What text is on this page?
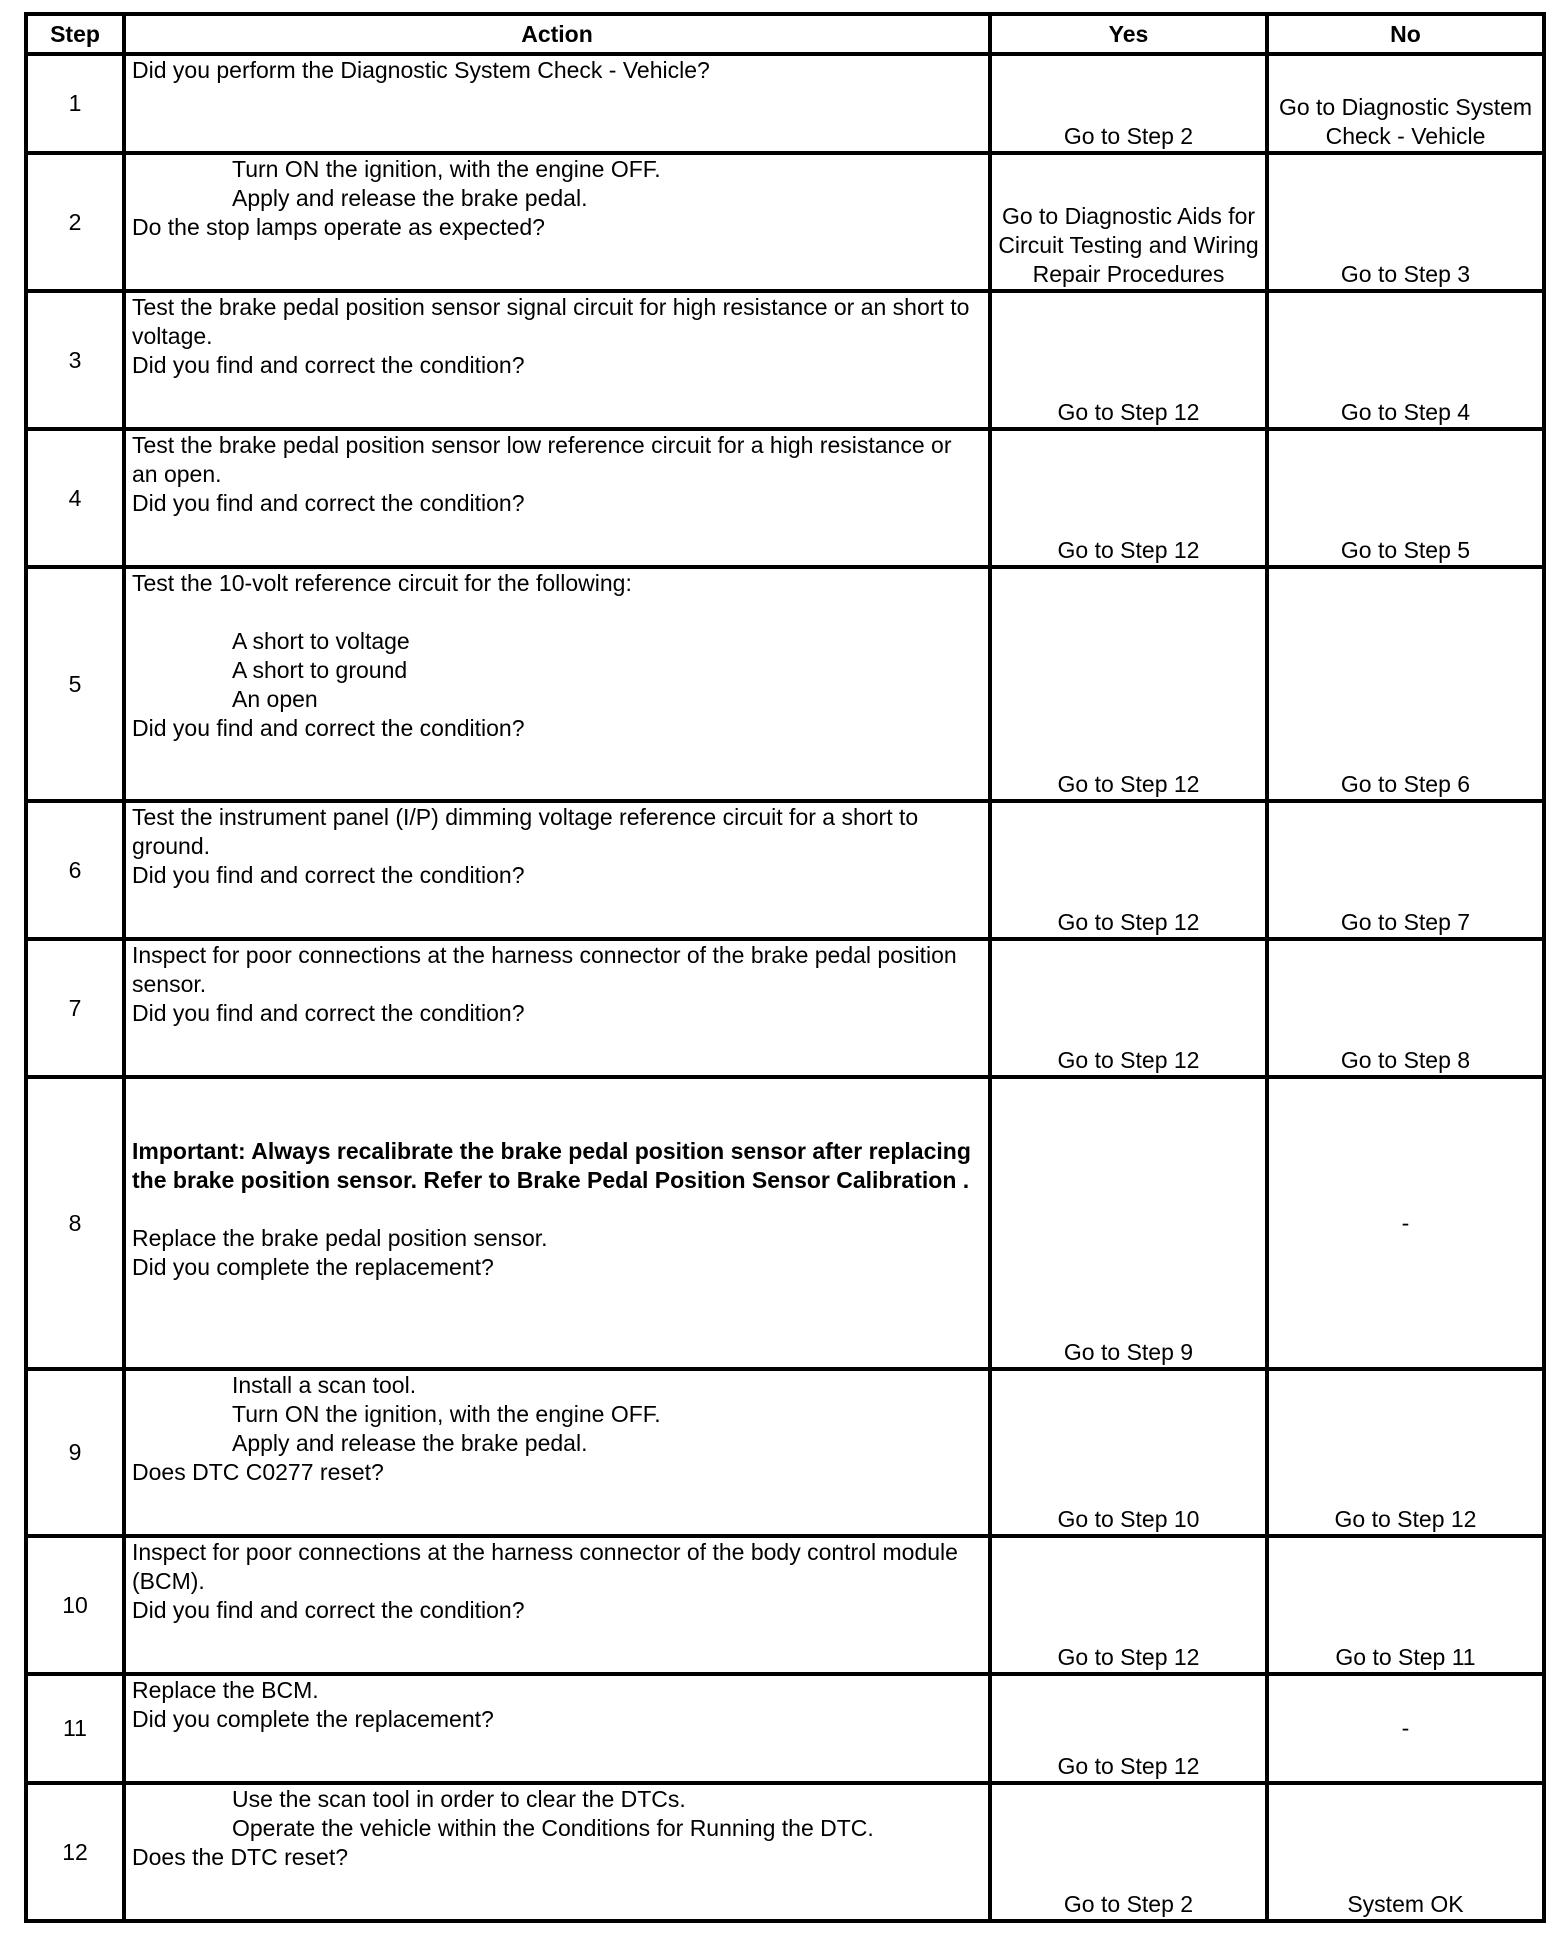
Step	Action	Yes	No
1	Did you perform the Diagnostic System Check - Vehicle?	Go to Step 2	Go to Diagnostic System Check - Vehicle
2	Turn ON the ignition, with the engine OFF.

Apply and release the brake pedal.

Do the stop lamps operate as expected?	Go to Diagnostic Aids for Circuit Testing and Wiring Repair Procedures	Go to Step 3
3	Test the brake pedal position sensor signal circuit for high resistance or an short to voltage.

Did you find and correct the condition?	Go to Step 12	Go to Step 4
4	Test the brake pedal position sensor low reference circuit for a high resistance or an open.

Did you find and correct the condition?	Go to Step 12	Go to Step 5
5	Test the 10-volt reference circuit for the following:

A short to voltage

A short to ground

An open

Did you find and correct the condition?	Go to Step 12	Go to Step 6
6	Test the instrument panel (I/P) dimming voltage reference circuit for a short to ground.

Did you find and correct the condition?	Go to Step 12	Go to Step 7
7	Inspect for poor connections at the harness connector of the brake pedal position sensor.

Did you find and correct the condition?	Go to Step 12	Go to Step 8
8	Important: Always recalibrate the brake pedal position sensor after replacing the brake position sensor. Refer to Brake Pedal Position Sensor Calibration .

Replace the brake pedal position sensor.

Did you complete the replacement?	Go to Step 9	-
9	Install a scan tool.

Turn ON the ignition, with the engine OFF.

Apply and release the brake pedal.

Does DTC C0277 reset?	Go to Step 10	Go to Step 12
10	Inspect for poor connections at the harness connector of the body control module (BCM).

Did you find and correct the condition?	Go to Step 12	Go to Step 11
11	Replace the BCM.

Did you complete the replacement?	Go to Step 12	-
12	Use the scan tool in order to clear the DTCs.

Operate the vehicle within the Conditions for Running the DTC.

Does the DTC reset?	Go to Step 2	System OK
